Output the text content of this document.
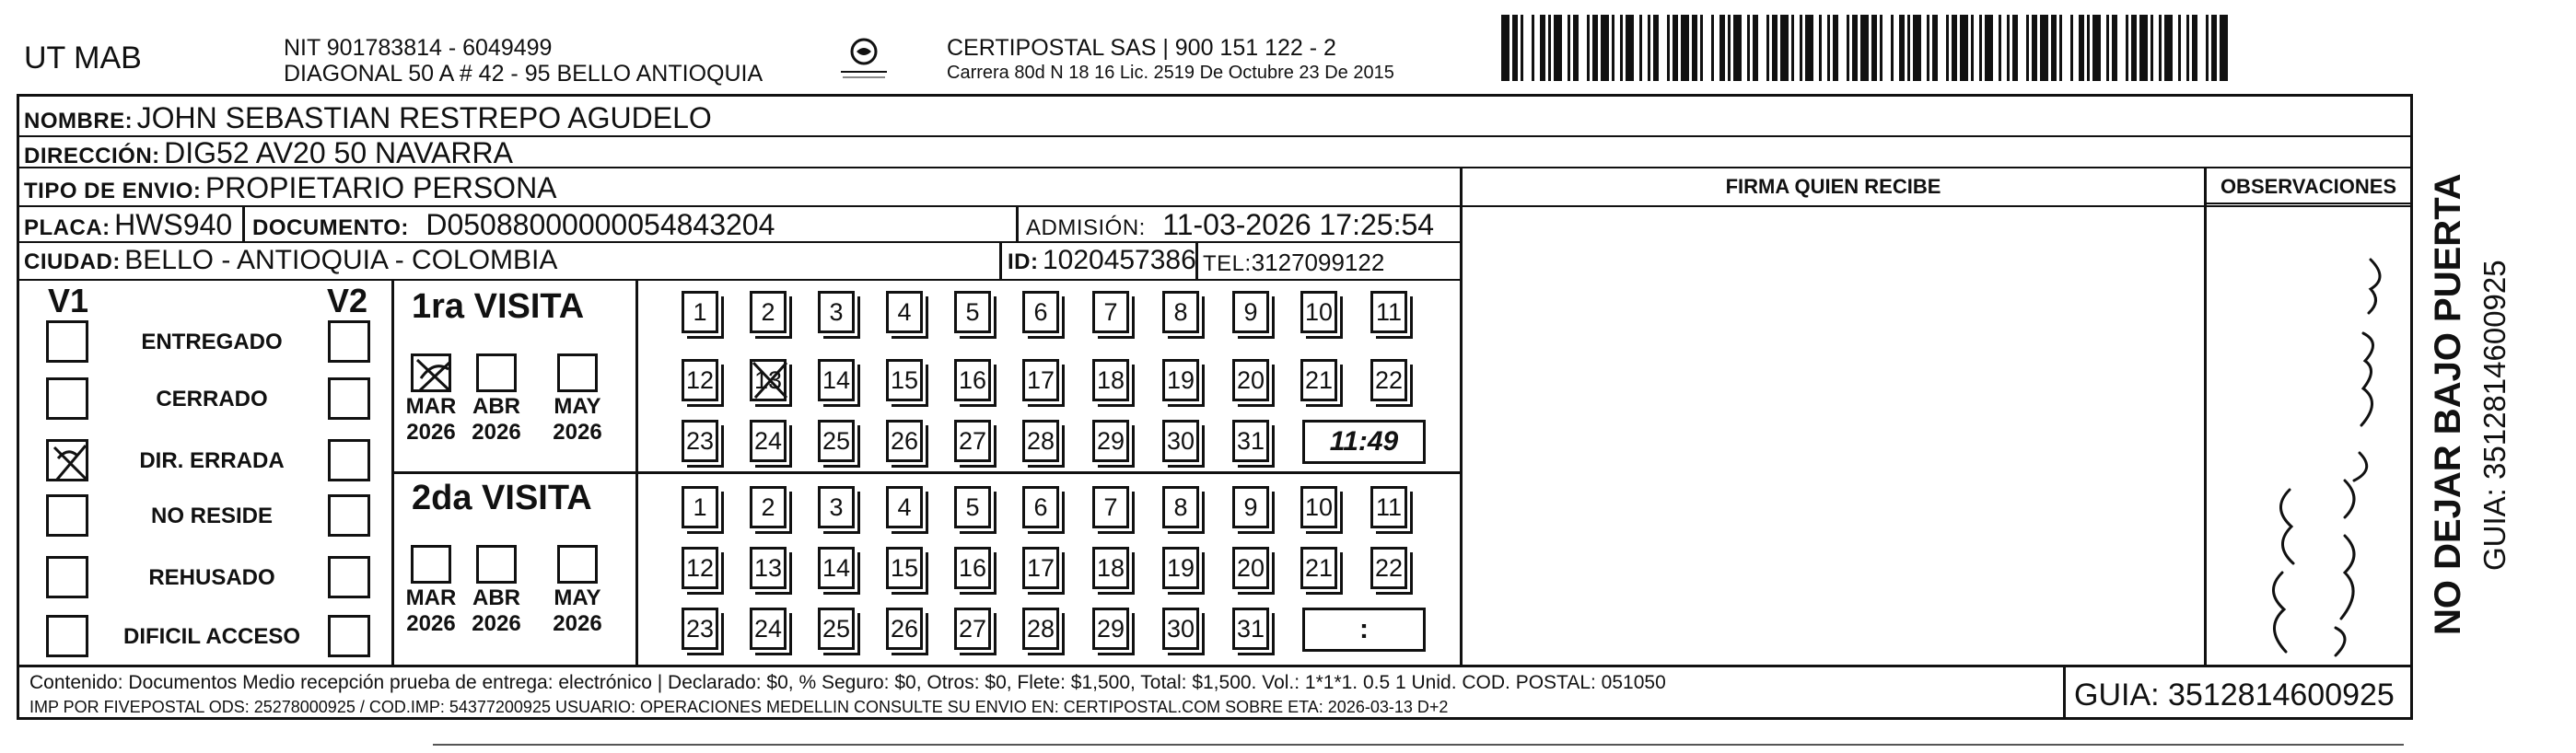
UT MAB	NIT 901783814 - 6049499
DIAGONAL 50 A # 42 - 95 BELLO ANTIOQUIA
CERTIPOSTAL SAS | 900 151 122 - 2
Carrera 80d N 18 16 Lic. 2519 De Octubre 23 De 2015
NOMBRE: JOHN SEBASTIAN RESTREPO AGUDELO
DIRECCIÓN: DIG52 AV20 50 NAVARRA
TIPO DE ENVIO: PROPIETARIO PERSONA
PLACA: HWS940 DOCUMENTO: D05088000000054843204	ADMISIÓN: 11-03-2026 17:25:54
CIUDAD: BELLO - ANTIOQUIA - COLOMBIA	ID: 1020457386 TEL:3127099122
FIRMA QUIEN RECIBE	OBSERVACIONES
V1	V2
ENTREGADO
CERRADO
DIR. ERRADA
NO RESIDE
REHUSADO
DIFICIL ACCESO
1ra VISITA
2da VISITA
MAR
2026
ABR
2026
MAY
2026
MAR
2026
ABR
2026
MAY
2026
1	2	3	4	5	6	7	8	9	10 11
12 13 14 15 16 17 18 19 20 21 22
23 24 25 26 27 28 29 30 31	11:49
1	2	3	4	5	6	7	8	9	10 11
12 13 14 15 16 17 18 19 20 21 22
23 24 25 26 27 28 29 30 31	:	NO DEJAR BAJO PUERTA GUIA: 3512814600925
Contenido: Documentos Medio recepción prueba de entrega: electrónico | Declarado: $0, % Seguro: $0, Otros: $0, Flete: $1,500, Total: $1,500. Vol.: 1*1*1. 0.5 1 Unid. COD. POSTAL: 051050
IMP POR FIVEPOSTAL ODS: 25278000925 / COD.IMP: 54377200925 USUARIO: OPERACIONES MEDELLIN CONSULTE SU ENVIO EN: CERTIPOSTAL.COM SOBRE ETA: 2026-03-13 D+2	GUIA: 3512814600925
